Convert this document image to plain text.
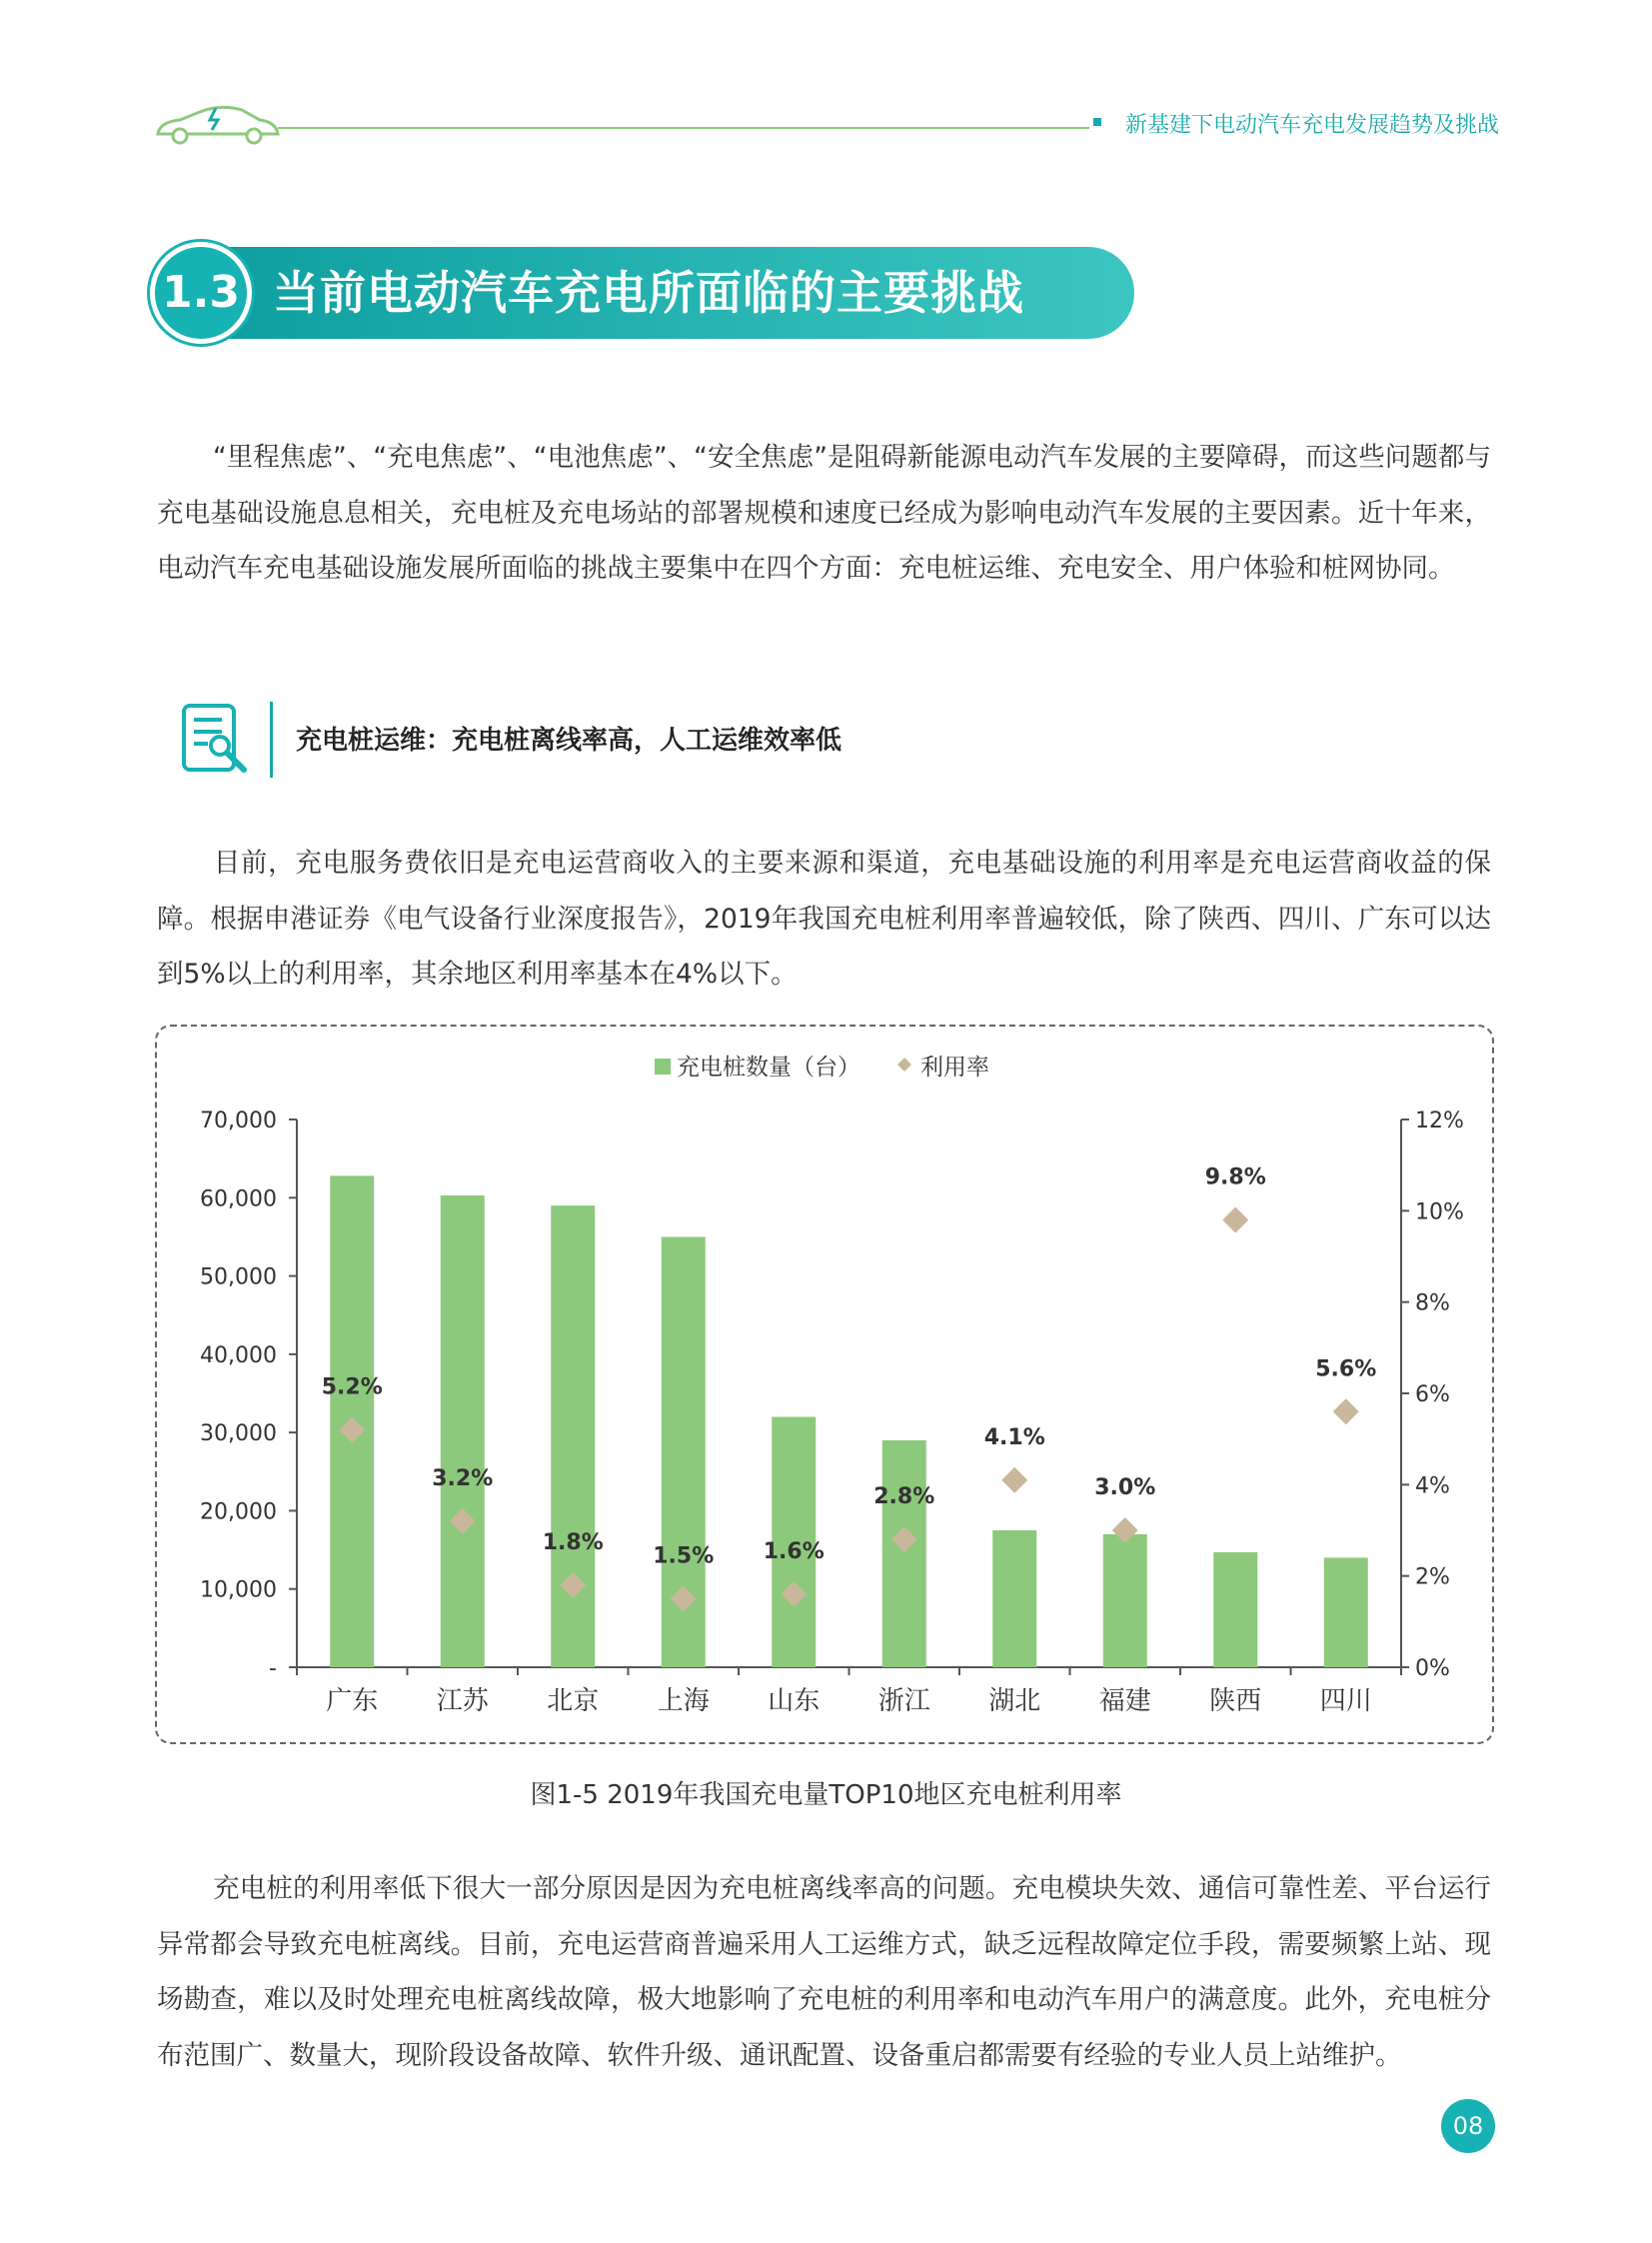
新基建下电动汽车充电发展趋势及挑战
1.3 当前电动汽车充电所面临的主要挑战
“里程焦虑”、“充电焦虑”、“电池焦虑”、“安全焦虑”是阻碍新能源电动汽车发展的主要障碍，而这些问题都与充电基础设施息息相关，充电桩及充电场站的部署规模和速度已经成为影响电动汽车发展的主要因素。近十年来，电动汽车充电基础设施发展所面临的挑战主要集中在四个方面：充电桩运维、充电安全、用户体验和桩网协同。
充电桩运维：充电桩离线率高，人工运维效率低
目前，充电服务费依旧是充电运营商收入的主要来源和渠道，充电基础设施的利用率是充电运营商收益的保障。根据申港证券《电气设备行业深度报告》，2019年我国充电桩利用率普遍较低，除了陕西、四川、广东可以达到5%以上的利用率，其余地区利用率基本在4%以下。
-
10,000
20,000
30,000
40,000
50,000
60,000
70,000
0%
2%
4%
6%
8%
10%
12%
广东 江苏 北京 上海 山东 浙江 湖北 福建 陕西 四川
5.2%
3.2%
1.8%
1.5% 1.6%
2.8%
4.1%
3.0%
9.8%
5.6%
充电桩数量（台）	利用率
图1-5 2019年我国充电量TOP10地区充电桩利用率
充电桩的利用率低下很大一部分原因是因为充电桩离线率高的问题。充电模块失效、通信可靠性差、平台运行异常都会导致充电桩离线。目前，充电运营商普遍采用人工运维方式，缺乏远程故障定位手段，需要频繁上站、现场勘查，难以及时处理充电桩离线故障，极大地影响了充电桩的利用率和电动汽车用户的满意度。此外，充电桩分布范围广、数量大，现阶段设备故障、软件升级、通讯配置、设备重启都需要有经验的专业人员上站维护。
08
